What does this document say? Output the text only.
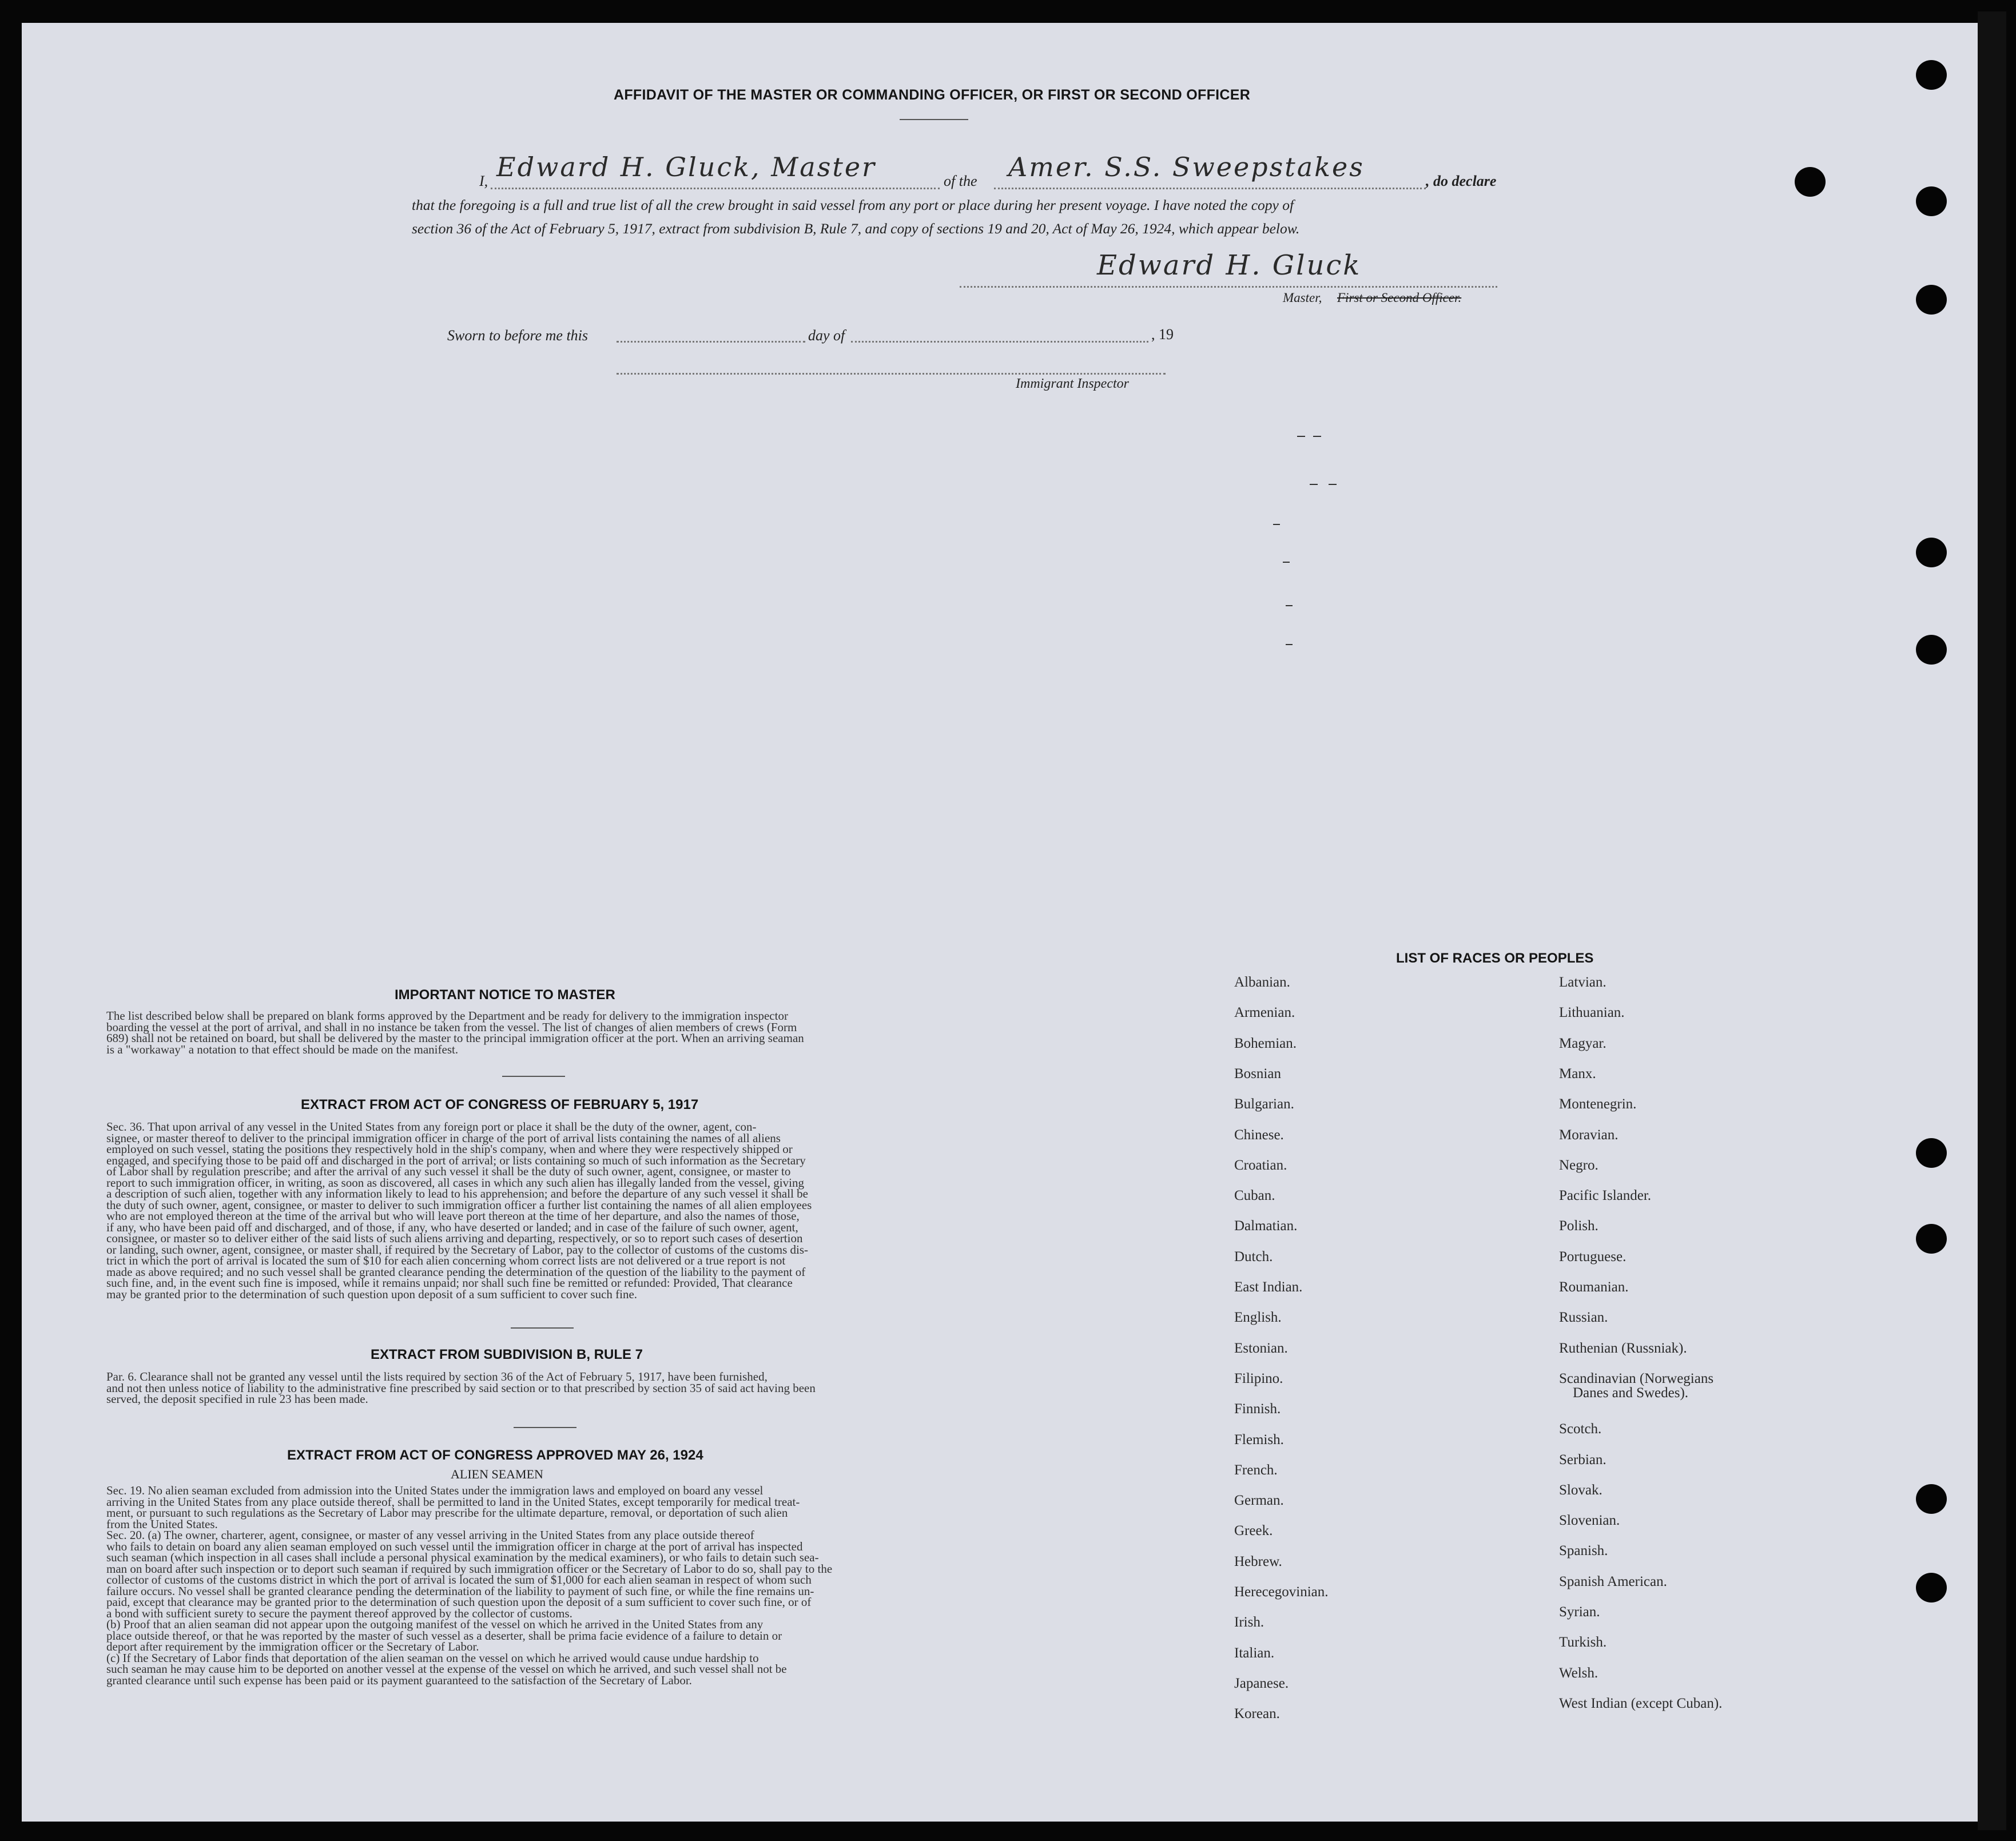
AFFIDAVIT OF THE MASTER OR COMMANDING OFFICER, OR FIRST OR SECOND OFFICER
I, Edward H. Gluck, Master	of the Amer. S.S. Sweepstakes	, do declare
that the foregoing is a full and true list of all the crew brought in said vessel from any port or place during her present voyage. I have noted the copy of
section 36 of the Act of February 5, 1917, extract from subdivision B, Rule 7, and copy of sections 19 and 20, Act of May 26, 1924, which appear below.
Edward H. Gluck
Master, First or Second Officer.
Sworn to before me this	day of	, 19
Immigrant Inspector
IMPORTANT NOTICE TO MASTER
The list described below shall be prepared on blank forms approved by the Department and be ready for delivery to the immigration inspector
boarding the vessel at the port of arrival, and shall in no instance be taken from the vessel. The list of changes of alien members of crews (Form
689) shall not be retained on board, but shall be delivered by the master to the principal immigration officer at the port. When an arriving seaman
is a "workaway" a notation to that effect should be made on the manifest.
EXTRACT FROM ACT OF CONGRESS OF FEBRUARY 5, 1917
Sec. 36. That upon arrival of any vessel in the United States from any foreign port or place it shall be the duty of the owner, agent, con-
signee, or master thereof to deliver to the principal immigration officer in charge of the port of arrival lists containing the names of all aliens
employed on such vessel, stating the positions they respectively hold in the ship's company, when and where they were respectively shipped or
engaged, and specifying those to be paid off and discharged in the port of arrival; or lists containing so much of such information as the Secretary
of Labor shall by regulation prescribe; and after the arrival of any such vessel it shall be the duty of such owner, agent, consignee, or master to
report to such immigration officer, in writing, as soon as discovered, all cases in which any such alien has illegally landed from the vessel, giving
a description of such alien, together with any information likely to lead to his apprehension; and before the departure of any such vessel it shall be
the duty of such owner, agent, consignee, or master to deliver to such immigration officer a further list containing the names of all alien employees
who are not employed thereon at the time of the arrival but who will leave port thereon at the time of her departure, and also the names of those,
if any, who have been paid off and discharged, and of those, if any, who have deserted or landed; and in case of the failure of such owner, agent,
consignee, or master so to deliver either of the said lists of such aliens arriving and departing, respectively, or so to report such cases of desertion
or landing, such owner, agent, consignee, or master shall, if required by the Secretary of Labor, pay to the collector of customs of the customs dis-
trict in which the port of arrival is located the sum of $10 for each alien concerning whom correct lists are not delivered or a true report is not
made as above required; and no such vessel shall be granted clearance pending the determination of the question of the liability to the payment of
such fine, and, in the event such fine is imposed, while it remains unpaid; nor shall such fine be remitted or refunded: Provided, That clearance
may be granted prior to the determination of such question upon deposit of a sum sufficient to cover such fine.
EXTRACT FROM SUBDIVISION B, RULE 7
Par. 6. Clearance shall not be granted any vessel until the lists required by section 36 of the Act of February 5, 1917, have been furnished,
and not then unless notice of liability to the administrative fine prescribed by said section or to that prescribed by section 35 of said act having been
served, the deposit specified in rule 23 has been made.
EXTRACT FROM ACT OF CONGRESS APPROVED MAY 26, 1924
ALIEN SEAMEN
Sec. 19. No alien seaman excluded from admission into the United States under the immigration laws and employed on board any vessel
arriving in the United States from any place outside thereof, shall be permitted to land in the United States, except temporarily for medical treat-
ment, or pursuant to such regulations as the Secretary of Labor may prescribe for the ultimate departure, removal, or deportation of such alien
from the United States.
Sec. 20. (a) The owner, charterer, agent, consignee, or master of any vessel arriving in the United States from any place outside thereof
who fails to detain on board any alien seaman employed on such vessel until the immigration officer in charge at the port of arrival has inspected
such seaman (which inspection in all cases shall include a personal physical examination by the medical examiners), or who fails to detain such sea-
man on board after such inspection or to deport such seaman if required by such immigration officer or the Secretary of Labor to do so, shall pay to the
collector of customs of the customs district in which the port of arrival is located the sum of $1,000 for each alien seaman in respect of whom such
failure occurs. No vessel shall be granted clearance pending the determination of the liability to payment of such fine, or while the fine remains un-
paid, except that clearance may be granted prior to the determination of such question upon the deposit of a sum sufficient to cover such fine, or of
a bond with sufficient surety to secure the payment thereof approved by the collector of customs.
(b) Proof that an alien seaman did not appear upon the outgoing manifest of the vessel on which he arrived in the United States from any
place outside thereof, or that he was reported by the master of such vessel as a deserter, shall be prima facie evidence of a failure to detain or
deport after requirement by the immigration officer or the Secretary of Labor.
(c) If the Secretary of Labor finds that deportation of the alien seaman on the vessel on which he arrived would cause undue hardship to
such seaman he may cause him to be deported on another vessel at the expense of the vessel on which he arrived, and such vessel shall not be
granted clearance until such expense has been paid or its payment guaranteed to the satisfaction of the Secretary of Labor.
LIST OF RACES OR PEOPLES
Albanian.
Armenian.
Bohemian.
Bosnian
Bulgarian.
Chinese.
Croatian.
Cuban.
Dalmatian.
Dutch.
East Indian.
English.
Estonian.
Filipino.
Finnish.
Flemish.
French.
German.
Greek.
Hebrew.
Herecegovinian.
Irish.
Italian.
Japanese.
Korean.
Latvian.
Lithuanian.
Magyar.
Manx.
Montenegrin.
Moravian.
Negro.
Pacific Islander.
Polish.
Portuguese.
Roumanian.
Russian.
Ruthenian (Russniak).
Scandinavian (Norwegians
Danes and Swedes).
Scotch.
Serbian.
Slovak.
Slovenian.
Spanish.
Spanish American.
Syrian.
Turkish.
Welsh.
West Indian (except Cuban).
